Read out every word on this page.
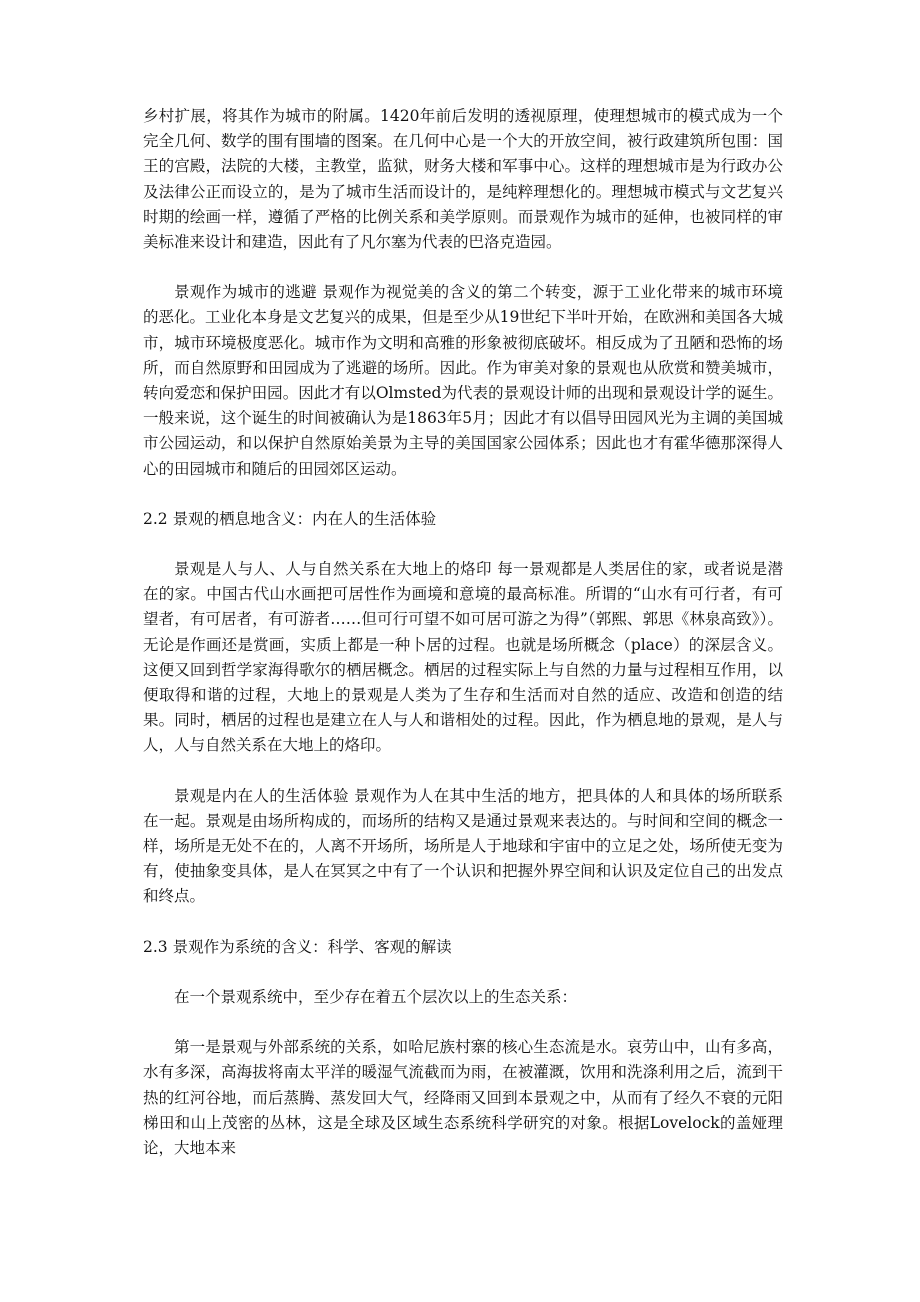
乡村扩展，将其作为城市的附属。1420年前后发明的透视原理，使理想城市的模式成为一个完全几何、数学的围有围墙的图案。在几何中心是一个大的开放空间，被行政建筑所包围：国王的宫殿，法院的大楼，主教堂，监狱，财务大楼和军事中心。这样的理想城市是为行政办公及法律公正而设立的，是为了城市生活而设计的，是纯粹理想化的。理想城市模式与文艺复兴时期的绘画一样，遵循了严格的比例关系和美学原则。而景观作为城市的延伸，也被同样的审美标准来设计和建造，因此有了凡尔塞为代表的巴洛克造园。

景观作为城市的逃避 景观作为视觉美的含义的第二个转变，源于工业化带来的城市环境的恶化。工业化本身是文艺复兴的成果，但是至少从19世纪下半叶开始，在欧洲和美国各大城市，城市环境极度恶化。城市作为文明和高雅的形象被彻底破坏。相反成为了丑陋和恐怖的场所，而自然原野和田园成为了逃避的场所。因此。作为审美对象的景观也从欣赏和赞美城市，转向爱恋和保护田园。因此才有以Olmsted为代表的景观设计师的出现和景观设计学的诞生。一般来说，这个诞生的时间被确认为是1863年5月；因此才有以倡导田园风光为主调的美国城市公园运动，和以保护自然原始美景为主导的美国国家公园体系；因此也才有霍华德那深得人心的田园城市和随后的田园郊区运动。

2.2 景观的栖息地含义：内在人的生活体验

景观是人与人、人与自然关系在大地上的烙印 每一景观都是人类居住的家，或者说是潜在的家。中国古代山水画把可居性作为画境和意境的最高标准。所谓的“山水有可行者，有可望者，有可居者，有可游者……但可行可望不如可居可游之为得”（郭熙、郭思《林泉高致》）。无论是作画还是赏画，实质上都是一种卜居的过程。也就是场所概念（place）的深层含义。这便又回到哲学家海得歌尔的栖居概念。栖居的过程实际上与自然的力量与过程相互作用，以便取得和谐的过程，大地上的景观是人类为了生存和生活而对自然的适应、改造和创造的结果。同时，栖居的过程也是建立在人与人和谐相处的过程。因此，作为栖息地的景观，是人与人，人与自然关系在大地上的烙印。

景观是内在人的生活体验 景观作为人在其中生活的地方，把具体的人和具体的场所联系在一起。景观是由场所构成的，而场所的结构又是通过景观来表达的。与时间和空间的概念一样，场所是无处不在的，人离不开场所，场所是人于地球和宇宙中的立足之处，场所使无变为有，使抽象变具体，是人在冥冥之中有了一个认识和把握外界空间和认识及定位自己的出发点和终点。

2.3 景观作为系统的含义：科学、客观的解读

在一个景观系统中，至少存在着五个层次以上的生态关系：

第一是景观与外部系统的关系，如哈尼族村寨的核心生态流是水。哀劳山中，山有多高，水有多深，高海拔将南太平洋的暖湿气流截而为雨，在被灌溉，饮用和洗涤利用之后，流到干热的红河谷地，而后蒸腾、蒸发回大气，经降雨又回到本景观之中，从而有了经久不衰的元阳梯田和山上茂密的丛林，这是全球及区域生态系统科学研究的对象。根据Lovelock的盖娅理论，大地本来
